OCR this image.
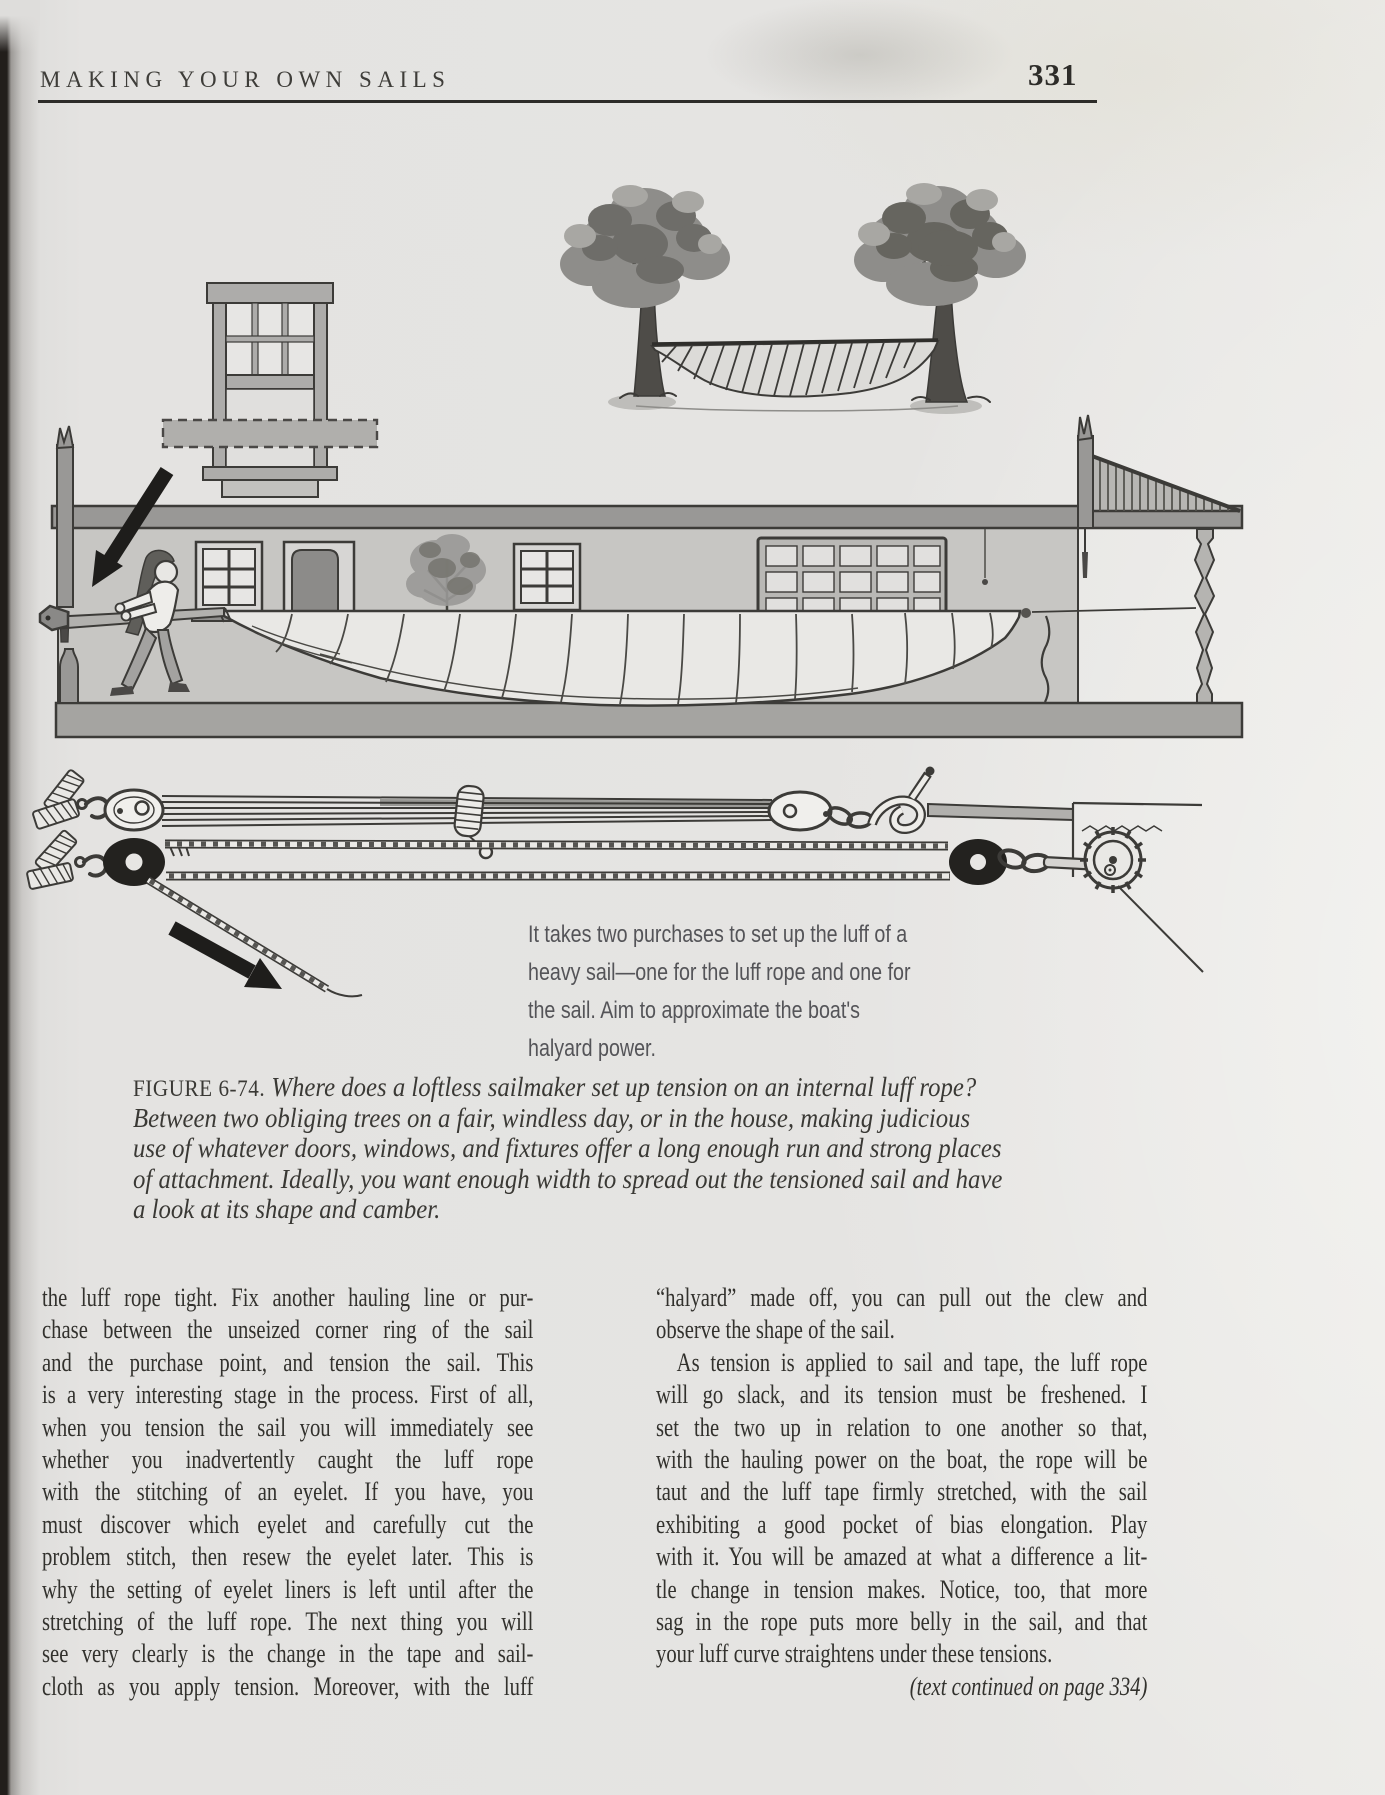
MAKING YOUR OWN SAILS	331
It takes two purchases to set up the luff of a
heavy sail—one for the luff rope and one for
the sail. Aim to approximate the boat's
halyard power.
FIGURE 6-74. Where does a loftless sailmaker set up tension on an internal luff rope?
Between two obliging trees on a fair, windless day, or in the house, making judicious
use of whatever doors, windows, and fixtures offer a long enough run and strong places
of attachment. Ideally, you want enough width to spread out the tensioned sail and have
a look at its shape and camber.
the luff rope tight. Fix another hauling line or pur-
chase between the unseized corner ring of the sail
and the purchase point, and tension the sail. This
is a very interesting stage in the process. First of all,
when you tension the sail you will immediately see
whether you inadvertently caught the luff rope
with the stitching of an eyelet. If you have, you
must discover which eyelet and carefully cut the
problem stitch, then resew the eyelet later. This is
why the setting of eyelet liners is left until after the
stretching of the luff rope. The next thing you will
see very clearly is the change in the tape and sail-
cloth as you apply tension. Moreover, with the luff
“halyard” made off, you can pull out the clew and
observe the shape of the sail.
  As tension is applied to sail and tape, the luff rope
will go slack, and its tension must be freshened. I
set the two up in relation to one another so that,
with the hauling power on the boat, the rope will be
taut and the luff tape firmly stretched, with the sail
exhibiting a good pocket of bias elongation. Play
with it. You will be amazed at what a difference a lit-
tle change in tension makes. Notice, too, that more
sag in the rope puts more belly in the sail, and that
your luff curve straightens under these tensions.
(text continued on page 334)
